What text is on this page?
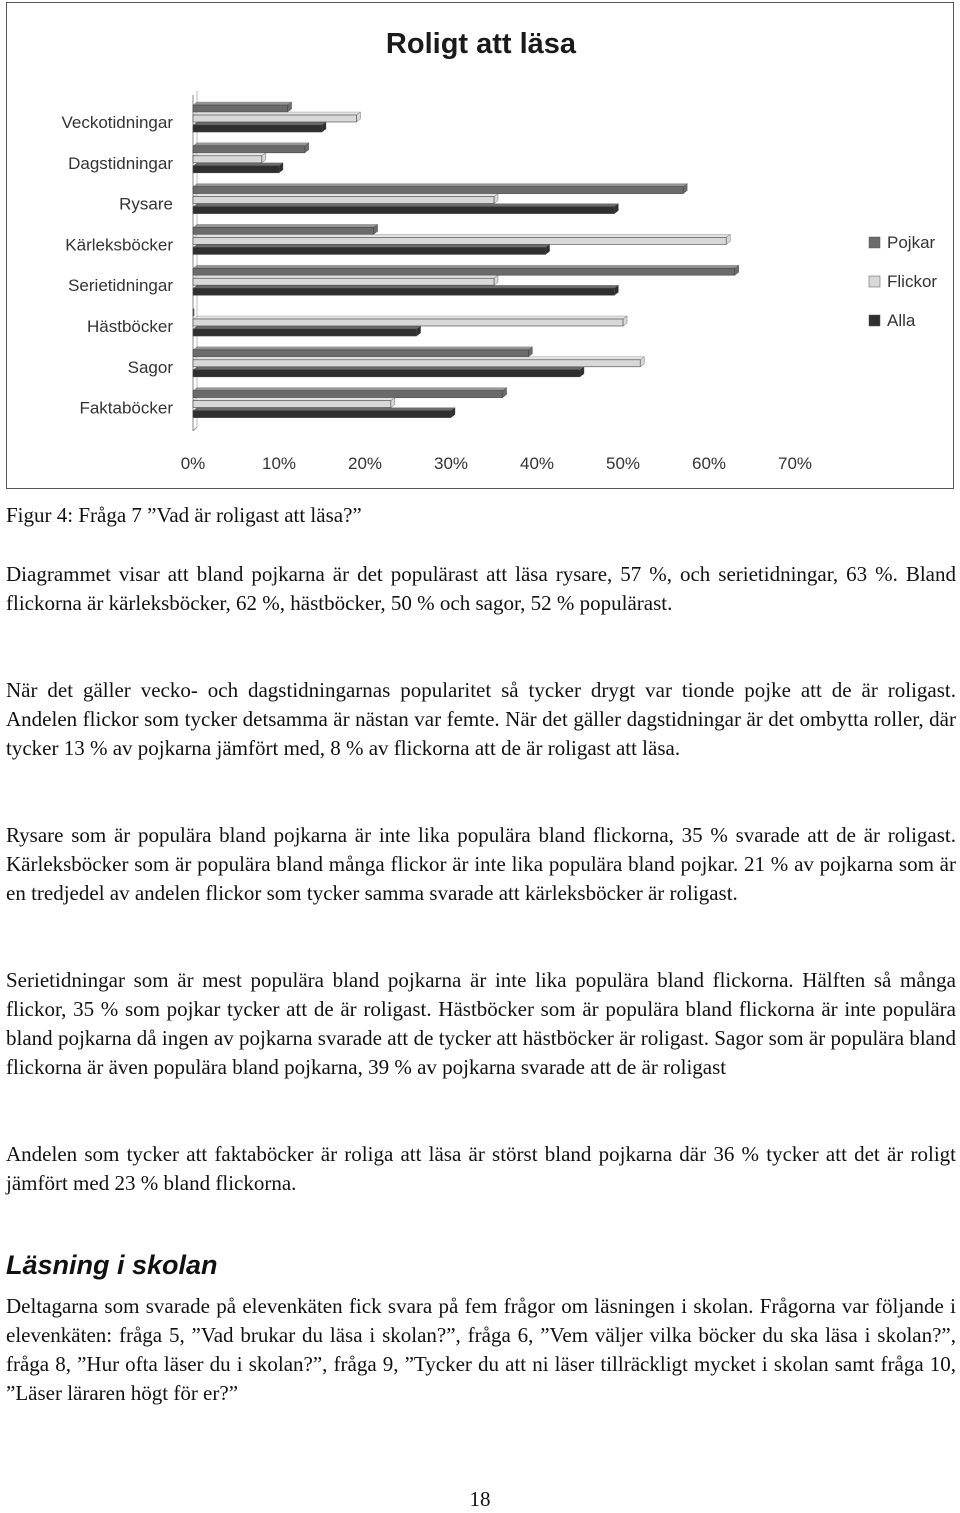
Roligt att läsa
0%	10%	20%	30%	40%	50%	60%	70%
Veckotidningar
Dagstidningar
Rysare
Kärleksböcker
Serietidningar
Hästböcker
Sagor
Faktaböcker
Pojkar
Flickor
Alla
Figur 4: Fråga 7 ”Vad är roligast att läsa?”

Diagrammet visar att bland pojkarna är det populärast att läsa rysare, 57 %, och serietidningar, 63 %. Bland flickorna är kärleksböcker, 62 %, hästböcker, 50 % och sagor, 52 % populärast.

När det gäller vecko- och dagstidningarnas popularitet så tycker drygt var tionde pojke att de är roligast. Andelen flickor som tycker detsamma är nästan var femte. När det gäller dagstidningar är det ombytta roller, där tycker 13 % av pojkarna jämfört med, 8 % av flickorna att de är roligast att läsa.

Rysare som är populära bland pojkarna är inte lika populära bland flickorna, 35 % svarade att de är roligast. Kärleksböcker som är populära bland många flickor är inte lika populära bland pojkar. 21 % av pojkarna som är en tredjedel av andelen flickor som tycker samma svarade att kärleksböcker är roligast.

Serietidningar som är mest populära bland pojkarna är inte lika populära bland flickorna. Hälften så många flickor, 35 % som pojkar tycker att de är roligast. Hästböcker som är populära bland flickorna är inte populära bland pojkarna då ingen av pojkarna svarade att de tycker att hästböcker är roligast. Sagor som är populära bland flickorna är även populära bland pojkarna, 39 % av pojkarna svarade att de är roligast

Andelen som tycker att faktaböcker är roliga att läsa är störst bland pojkarna där 36 % tycker att det är roligt jämfört med 23 % bland flickorna.

Läsning i skolan

Deltagarna som svarade på elevenkäten fick svara på fem frågor om läsningen i skolan. Frågorna var följande i elevenkäten: fråga 5, ”Vad brukar du läsa i skolan?”, fråga 6, ”Vem väljer vilka böcker du ska läsa i skolan?”, fråga 8, ”Hur ofta läser du i skolan?”, fråga 9, ”Tycker du att ni läser tillräckligt mycket i skolan samt fråga 10, ”Läser läraren högt för er?”

18
